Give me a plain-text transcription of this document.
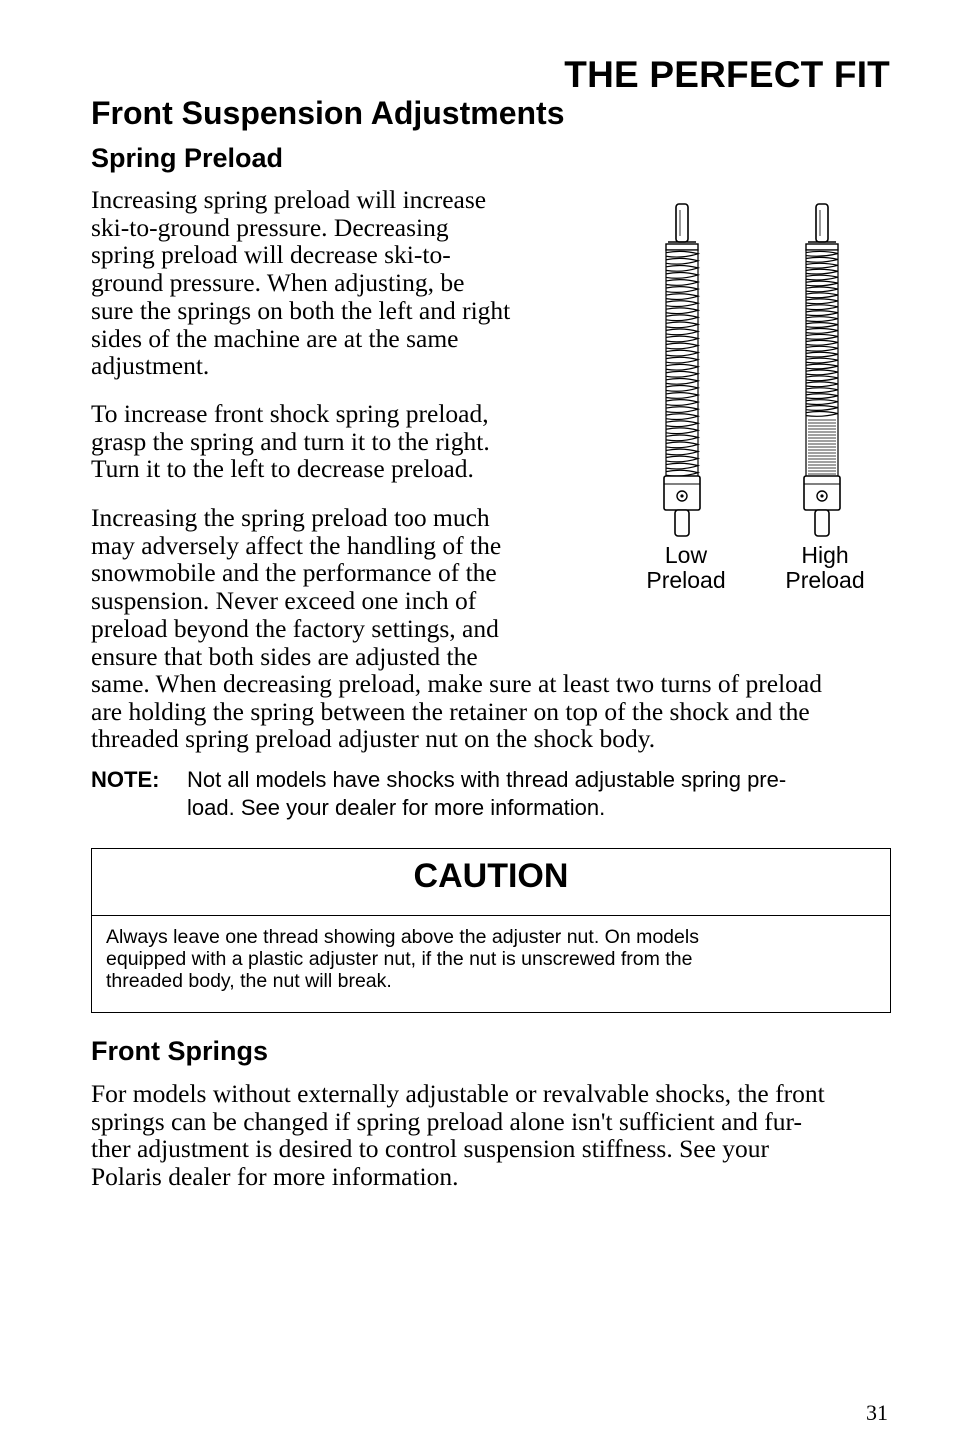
THE PERFECT FIT
Front Suspension Adjustments
Spring Preload
Increasing spring preload will increase
ski-to-ground pressure. Decreasing
spring preload will decrease ski-to-
ground pressure. When adjusting, be
sure the springs on both the left and right
sides of the machine are at the same
adjustment.
To increase front shock spring preload,
grasp the spring and turn it to the right.
Turn it to the left to decrease preload.
Increasing the spring preload too much
may adversely affect the handling of the
snowmobile and the performance of the
suspension. Never exceed one inch of
preload beyond the factory settings, and
ensure that both sides are adjusted the
same. When decreasing preload, make sure at least two turns of preload
are holding the spring between the retainer on top of the shock and the
threaded spring preload adjuster nut on the shock body.
Low
Preload
High
Preload
NOTE: Not all models have shocks with thread adjustable spring pre-
load. See your dealer for more information.
CAUTION
Always leave one thread showing above the adjuster nut. On models
equipped with a plastic adjuster nut, if the nut is unscrewed from the
threaded body, the nut will break.
Front Springs
For models without externally adjustable or revalvable shocks, the front
springs can be changed if spring preload alone isn't sufficient and fur-
ther adjustment is desired to control suspension stiffness. See your
Polaris dealer for more information.
31
